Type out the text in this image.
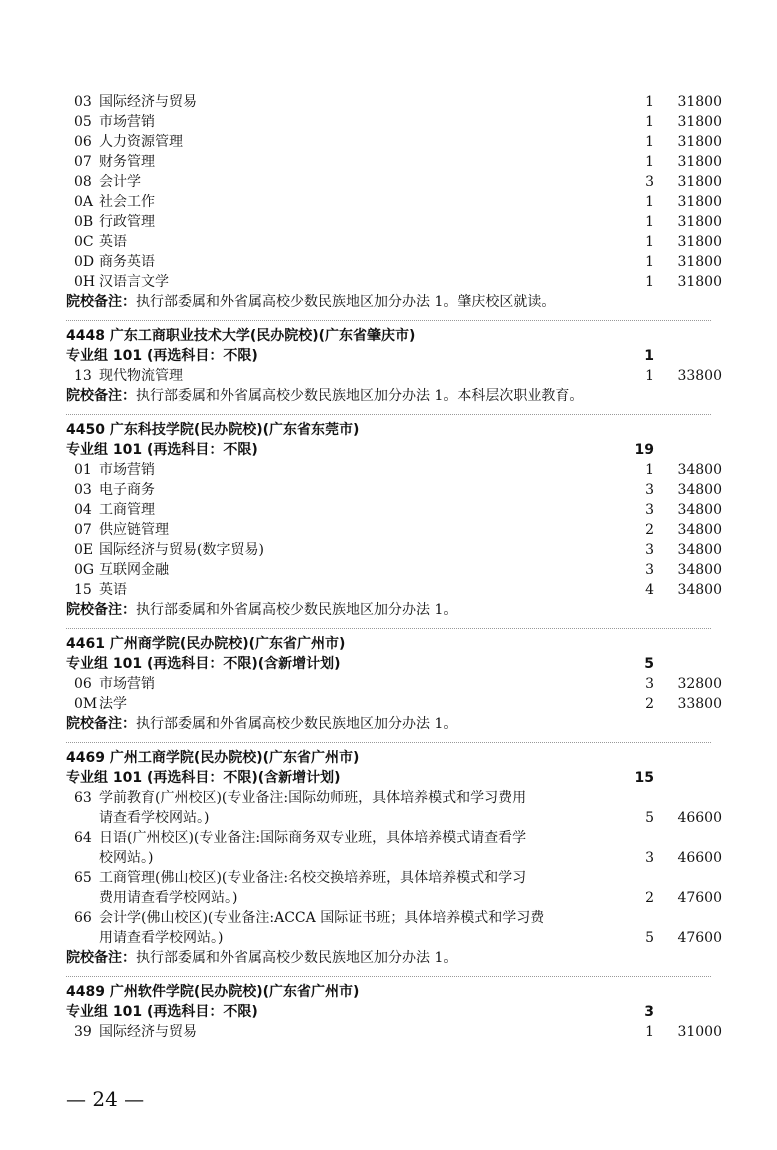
03 国际经济与贸易	1	31800
05 市场营销	1	31800
06 人力资源管理	1	31800
07 财务管理	1	31800
08 会计学	3	31800
0A 社会工作	1	31800
0B 行政管理	1	31800
0C 英语	1	31800
0D 商务英语	1	31800
0H 汉语言文学	1	31800
院校备注：执行部委属和外省属高校少数民族地区加分办法 1。肇庆校区就读。
4448 广东工商职业技术大学(民办院校)(广东省肇庆市)
专业组 101 (再选科目：不限)	1
13 现代物流管理	1	33800
院校备注：执行部委属和外省属高校少数民族地区加分办法 1。本科层次职业教育。
4450 广东科技学院(民办院校)(广东省东莞市)
专业组 101 (再选科目：不限)	19
01 市场营销	1	34800
03 电子商务	3	34800
04 工商管理	3	34800
07 供应链管理	2	34800
0E 国际经济与贸易(数字贸易)	3	34800
0G 互联网金融	3	34800
15 英语	4	34800
院校备注：执行部委属和外省属高校少数民族地区加分办法 1。
4461 广州商学院(民办院校)(广东省广州市)
专业组 101 (再选科目：不限)(含新增计划)	5
06 市场营销	3	32800
0M 法学	2	33800
院校备注：执行部委属和外省属高校少数民族地区加分办法 1。
4469 广州工商学院(民办院校)(广东省广州市)
专业组 101 (再选科目：不限)(含新增计划)	15
63 学前教育(广州校区)(专业备注:国际幼师班，具体培养模式和学习费用
请查看学校网站。)	5	46600
64 日语(广州校区)(专业备注:国际商务双专业班，具体培养模式请查看学
校网站。)	3	46600
65 工商管理(佛山校区)(专业备注:名校交换培养班，具体培养模式和学习
费用请查看学校网站。)	2	47600
66 会计学(佛山校区)(专业备注:ACCA 国际证书班；具体培养模式和学习费
用请查看学校网站。)	5	47600
院校备注：执行部委属和外省属高校少数民族地区加分办法 1。
4489 广州软件学院(民办院校)(广东省广州市)
专业组 101 (再选科目：不限)	3
39 国际经济与贸易	1	31000
— 24 —
